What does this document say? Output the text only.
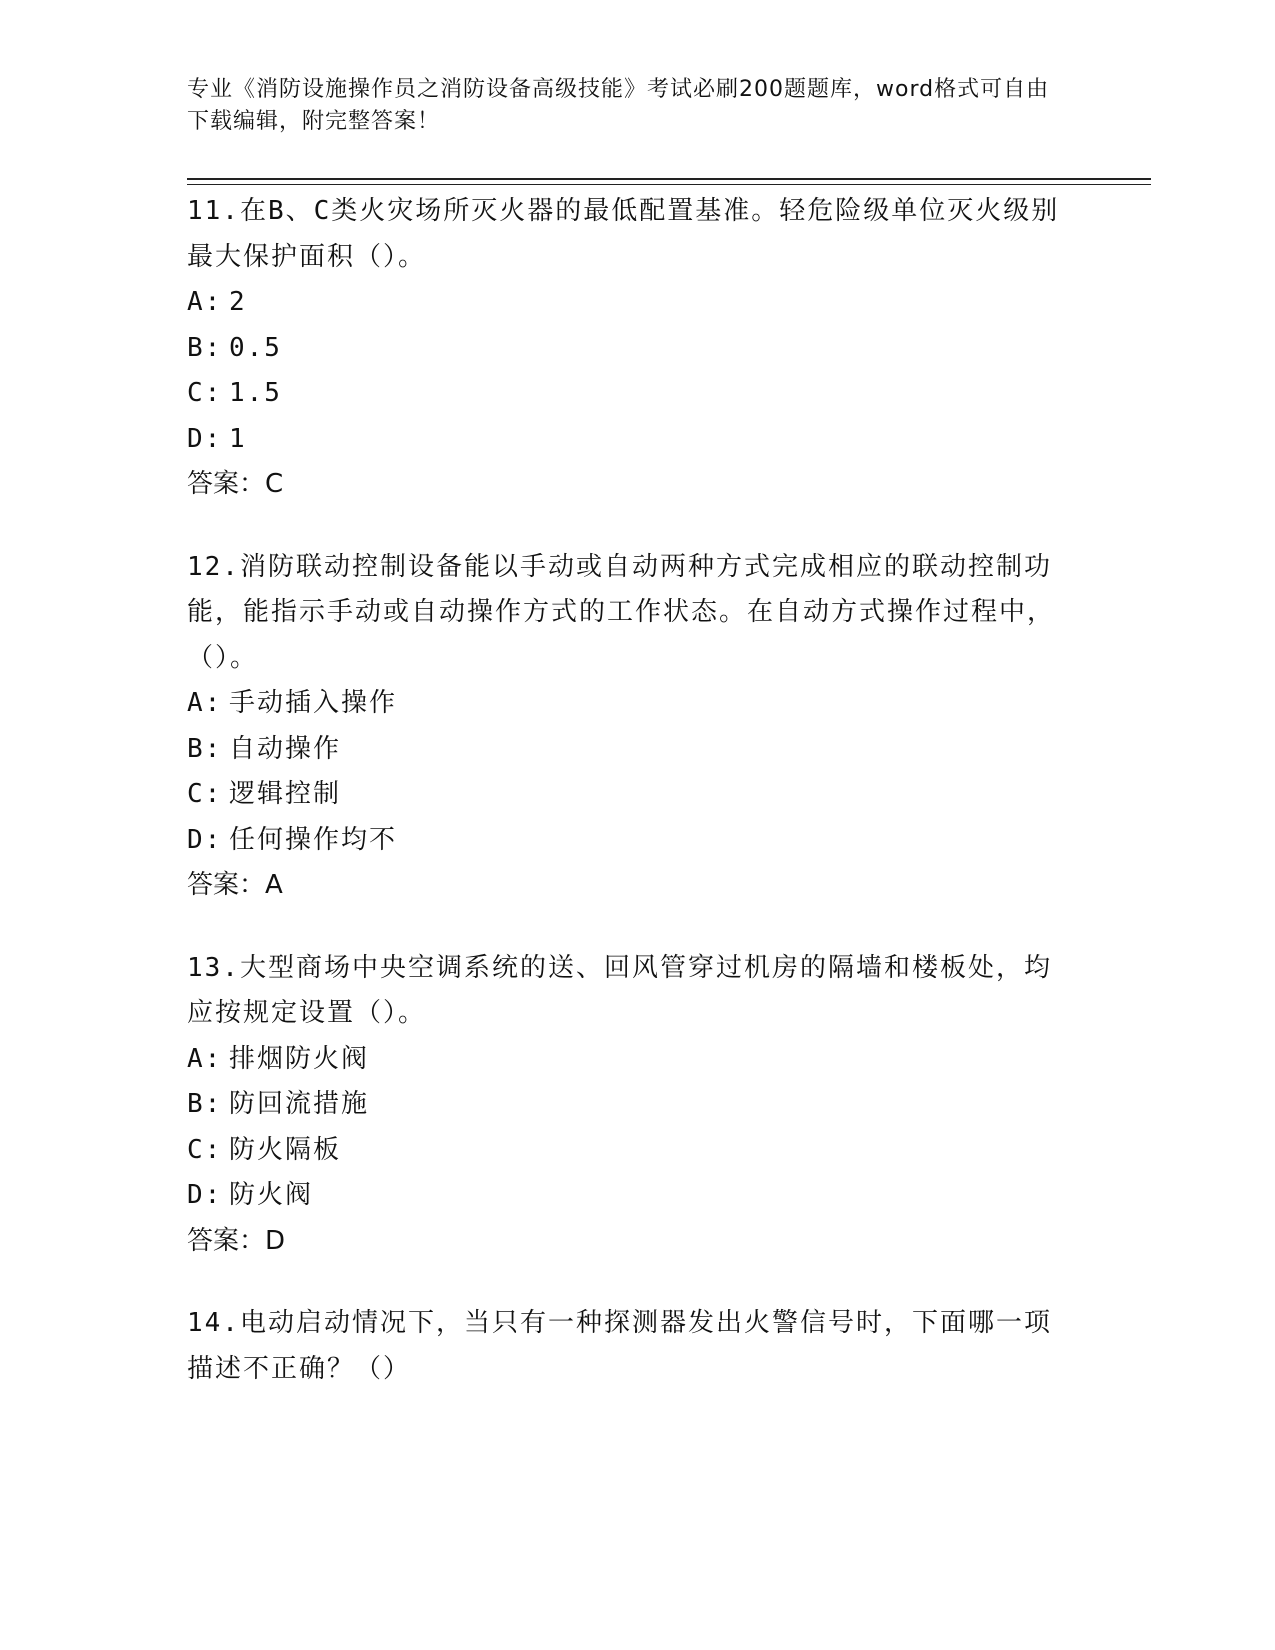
专业《消防设施操作员之消防设备高级技能》考试必刷200题题库，word格式可自由下载编辑，附完整答案！
11.在B、C类火灾场所灭火器的最低配置基准。轻危险级单位灭火级别最大保护面积（）。
A: 2
B: 0.5
C: 1.5
D: 1
答案：C
12.消防联动控制设备能以手动或自动两种方式完成相应的联动控制功能，能指示手动或自动操作方式的工作状态。在自动方式操作过程中，（）。
A: 手动插入操作
B: 自动操作
C: 逻辑控制
D: 任何操作均不
答案：A
13.大型商场中央空调系统的送、回风管穿过机房的隔墙和楼板处，均应按规定设置（）。
A: 排烟防火阀
B: 防回流措施
C: 防火隔板
D: 防火阀
答案：D
14.电动启动情况下，当只有一种探测器发出火警信号时，下面哪一项描述不正确？（）
